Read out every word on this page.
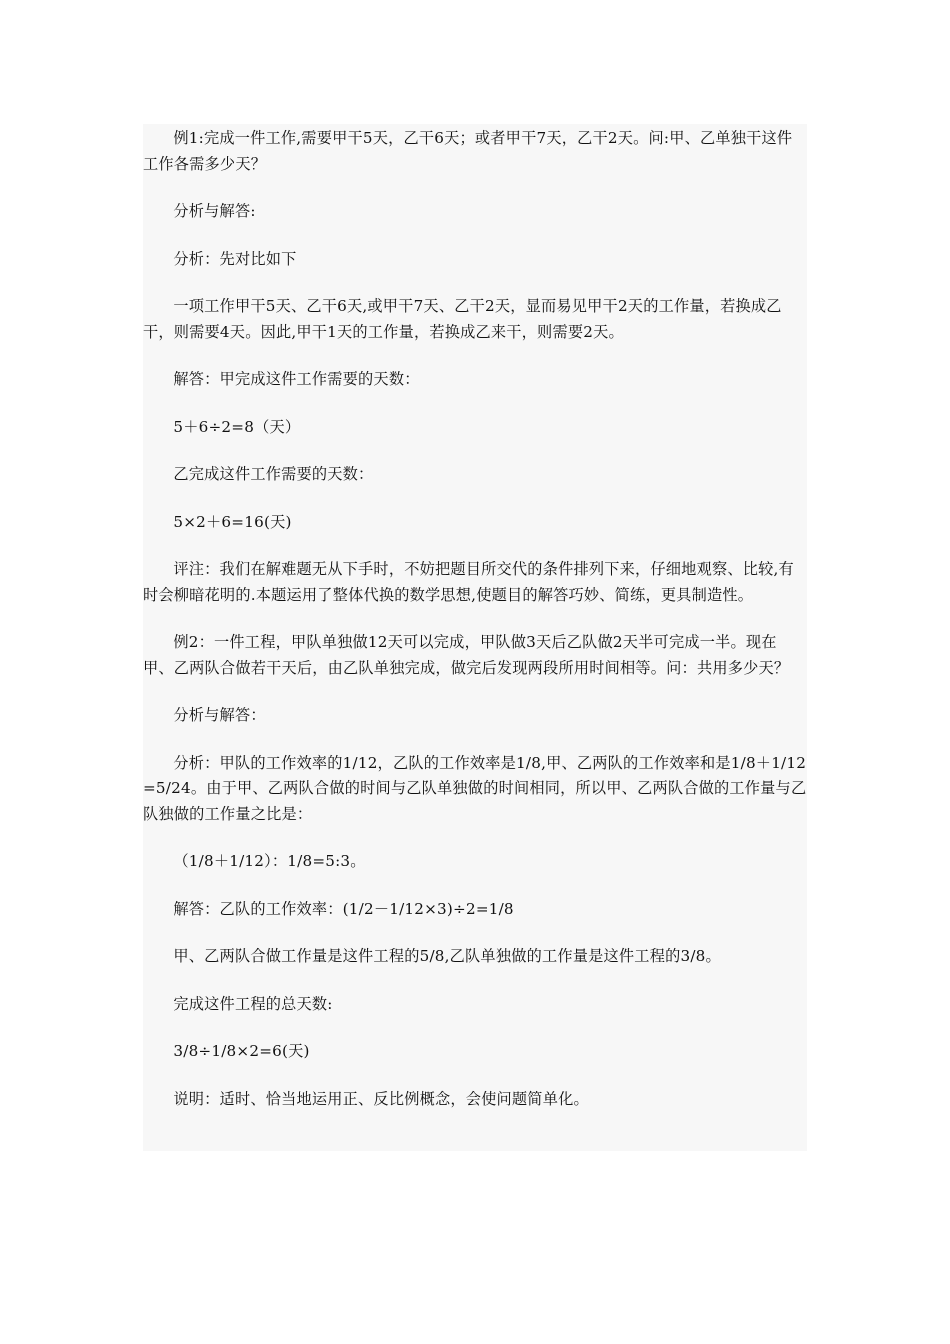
例1:完成一件工作,需要甲干5天，乙干6天；或者甲干7天，乙干2天。问:甲、乙单独干这件工作各需多少天？

分析与解答:

分析：先对比如下

一项工作甲干5天、乙干6天,或甲干7天、乙干2天，显而易见甲干2天的工作量，若换成乙干，则需要4天。因此,甲干1天的工作量，若换成乙来干，则需要2天。

解答：甲完成这件工作需要的天数：

5＋6÷2=8（天）

乙完成这件工作需要的天数：

5×2＋6=16(天)

评注：我们在解难题无从下手时，不妨把题目所交代的条件排列下来，仔细地观察、比较,有时会柳暗花明的.本题运用了整体代换的数学思想,使题目的解答巧妙、简练，更具制造性。

例2：一件工程，甲队单独做12天可以完成，甲队做3天后乙队做2天半可完成一半。现在甲、乙两队合做若干天后，由乙队单独完成，做完后发现两段所用时间相等。问：共用多少天？

分析与解答：

分析：甲队的工作效率的1/12，乙队的工作效率是1/8,甲、乙两队的工作效率和是1/8＋1/12=5/24。由于甲、乙两队合做的时间与乙队单独做的时间相同，所以甲、乙两队合做的工作量与乙队独做的工作量之比是：

（1/8＋1/12）：1/8=5:3。

解答：乙队的工作效率：(1/2－1/12×3)÷2=1/8

甲、乙两队合做工作量是这件工程的5/8,乙队单独做的工作量是这件工程的3/8。

完成这件工程的总天数:

3/8÷1/8×2=6(天)

说明：适时、恰当地运用正、反比例概念，会使问题简单化。
